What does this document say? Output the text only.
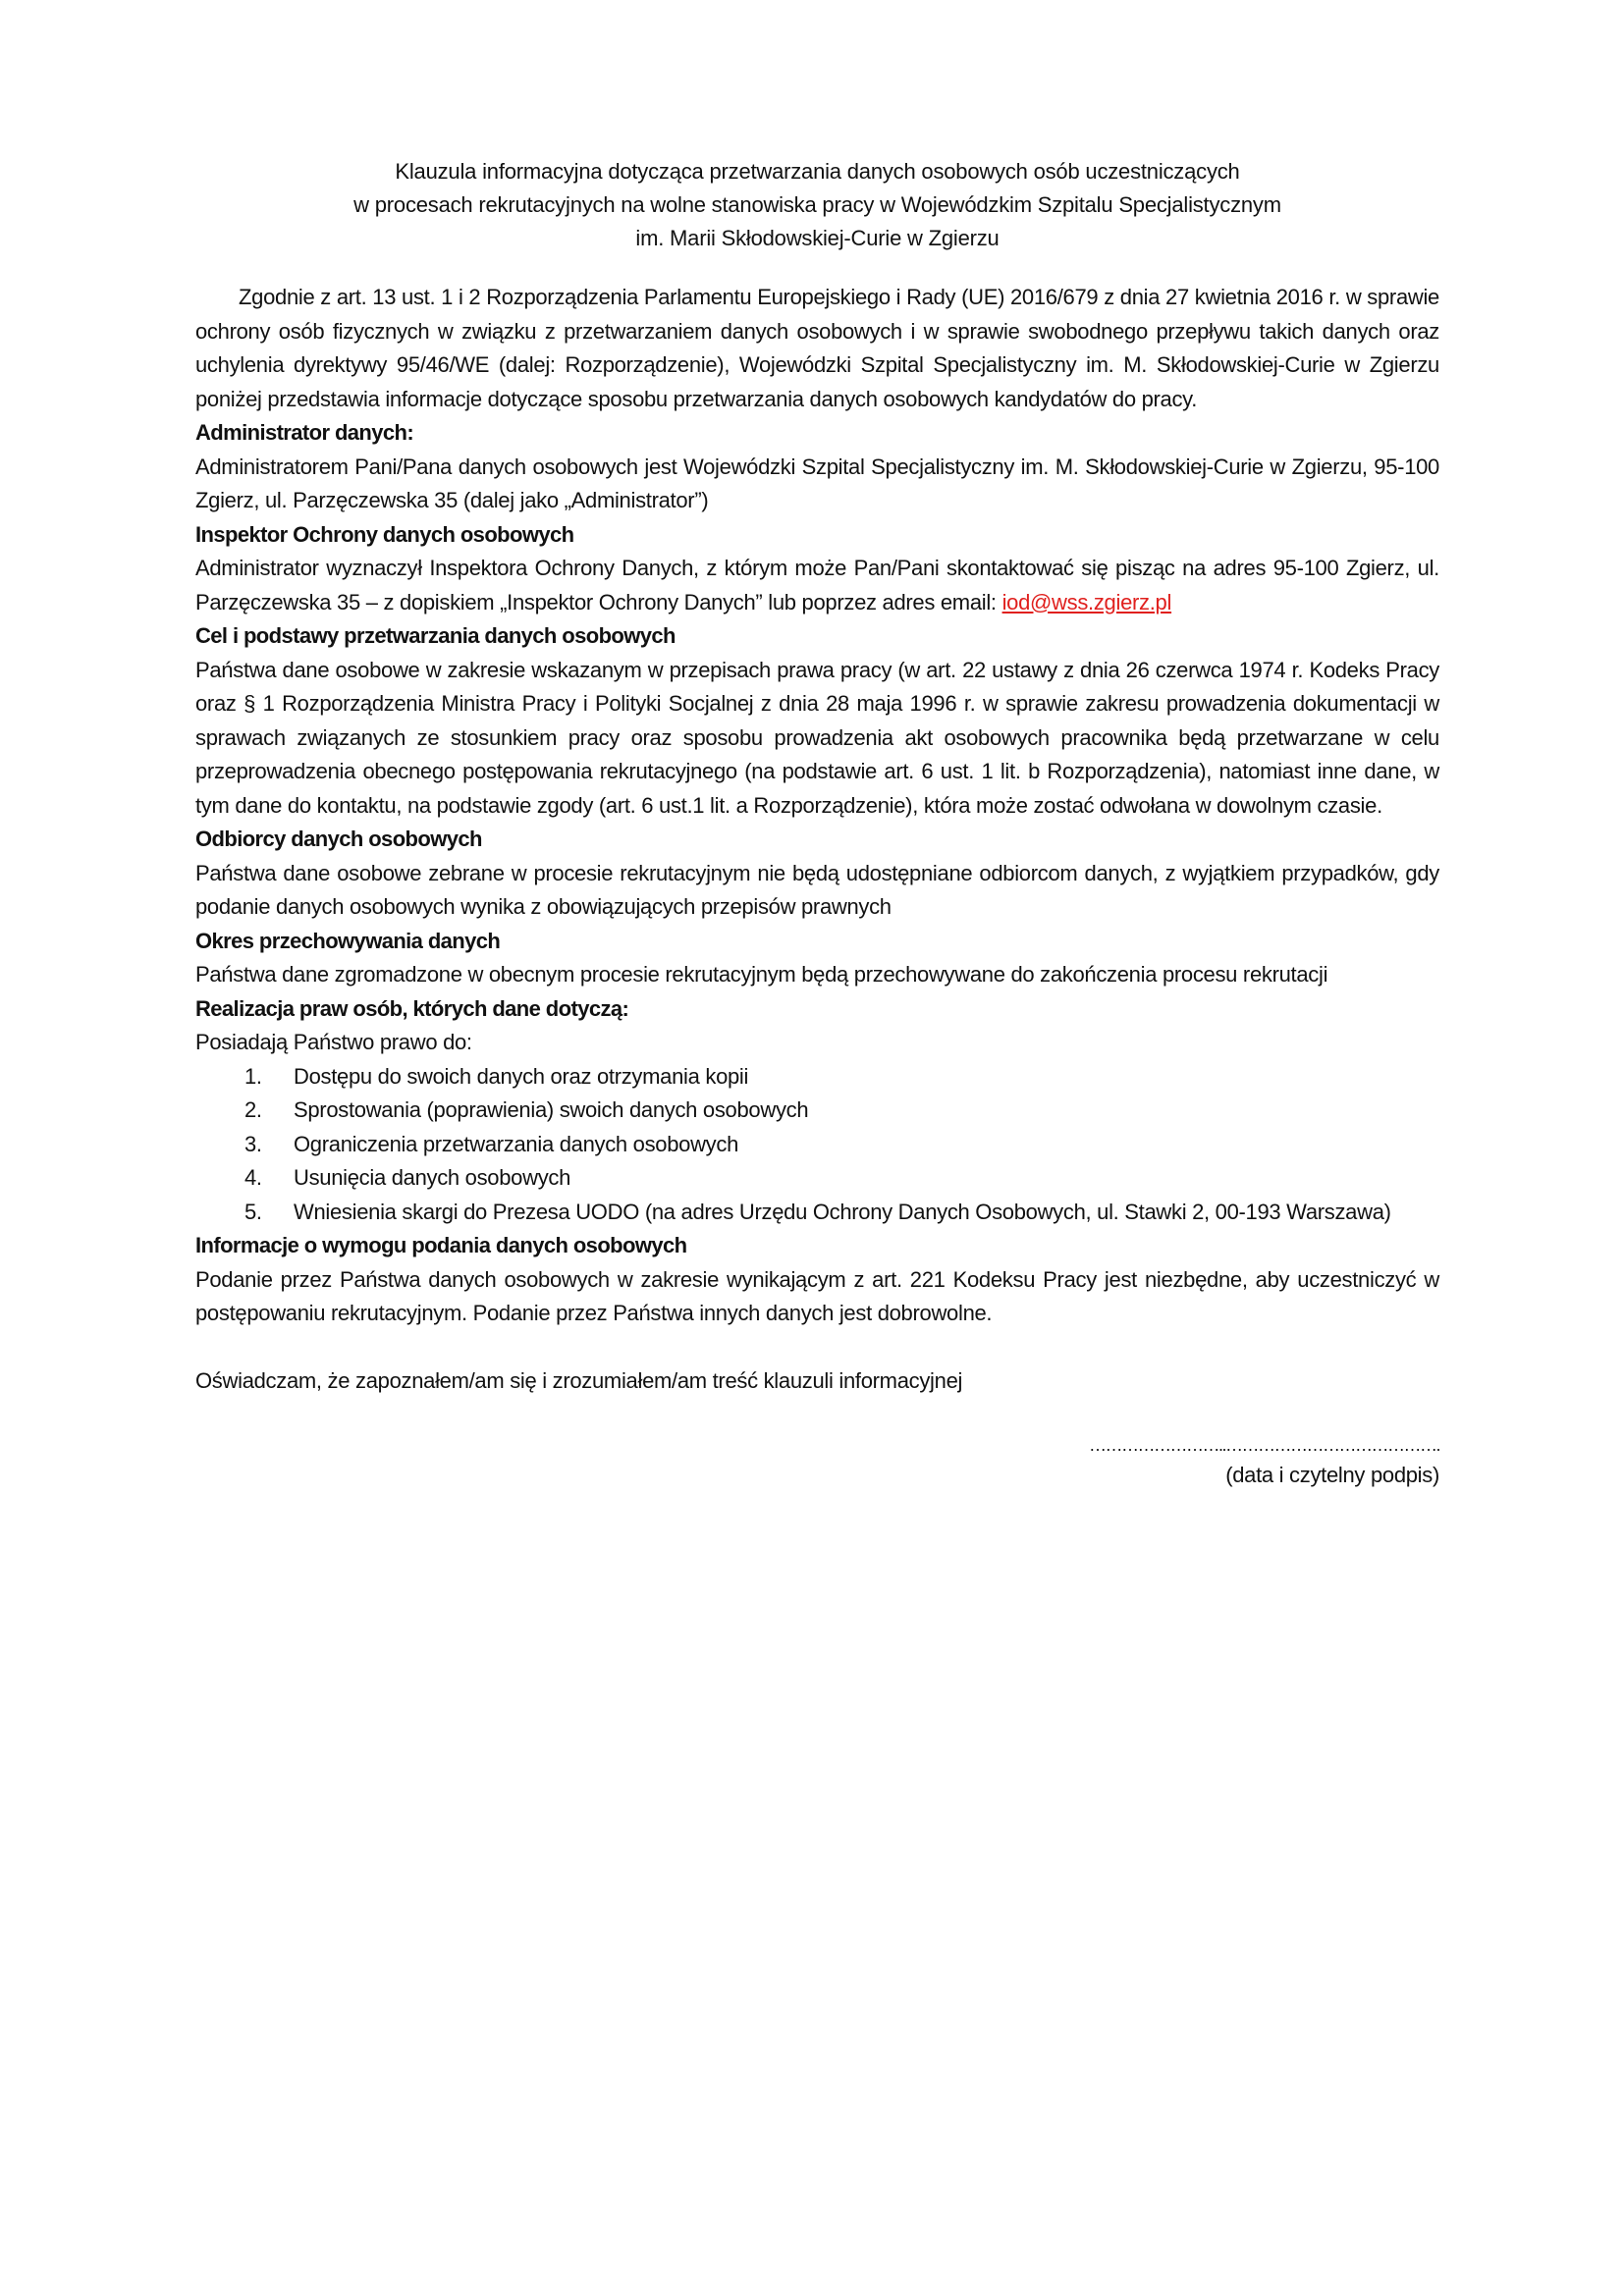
Klauzula informacyjna dotycząca przetwarzania danych osobowych osób uczestniczących
w procesach rekrutacyjnych na wolne stanowiska pracy w Wojewódzkim Szpitalu Specjalistycznym
im. Marii Skłodowskiej-Curie w Zgierzu

Zgodnie z art. 13 ust. 1 i 2 Rozporządzenia Parlamentu Europejskiego i Rady (UE) 2016/679 z dnia 27 kwietnia 2016 r. w sprawie ochrony osób fizycznych w związku z przetwarzaniem danych osobowych i w sprawie swobodnego przepływu takich danych oraz uchylenia dyrektywy 95/46/WE (dalej: Rozporządzenie), Wojewódzki Szpital Specjalistyczny im. M. Skłodowskiej-Curie w Zgierzu poniżej przedstawia informacje dotyczące sposobu przetwarzania danych osobowych kandydatów do pracy.

Administrator danych:

Administratorem Pani/Pana danych osobowych jest Wojewódzki Szpital Specjalistyczny im. M. Skłodowskiej-Curie w Zgierzu, 95-100 Zgierz, ul. Parzęczewska 35 (dalej jako „Administrator”)

Inspektor Ochrony danych osobowych

Administrator wyznaczył Inspektora Ochrony Danych, z którym może Pan/Pani skontaktować się pisząc na adres 95-100 Zgierz, ul. Parzęczewska 35 – z dopiskiem „Inspektor Ochrony Danych” lub poprzez adres email: iod@wss.zgierz.pl

Cel i podstawy przetwarzania danych osobowych

Państwa dane osobowe w zakresie wskazanym w przepisach prawa pracy (w art. 22 ustawy z dnia 26 czerwca 1974 r. Kodeks Pracy oraz § 1 Rozporządzenia Ministra Pracy i Polityki Socjalnej z dnia 28 maja 1996 r. w sprawie zakresu prowadzenia dokumentacji w sprawach związanych ze stosunkiem pracy oraz sposobu prowadzenia akt osobowych pracownika będą przetwarzane w celu przeprowadzenia obecnego postępowania rekrutacyjnego (na podstawie art. 6 ust. 1 lit. b Rozporządzenia), natomiast inne dane, w tym dane do kontaktu, na podstawie zgody (art. 6 ust.1 lit. a Rozporządzenie), która może zostać odwołana w dowolnym czasie.

Odbiorcy danych osobowych

Państwa dane osobowe zebrane w procesie rekrutacyjnym nie będą udostępniane odbiorcom danych, z wyjątkiem przypadków, gdy podanie danych osobowych wynika z obowiązujących przepisów prawnych

Okres przechowywania danych

Państwa dane zgromadzone w obecnym procesie rekrutacyjnym będą przechowywane do zakończenia procesu rekrutacji

Realizacja praw osób, których dane dotyczą:

Posiadają Państwo prawo do:

1. Dostępu do swoich danych oraz otrzymania kopii
2. Sprostowania (poprawienia) swoich danych osobowych
3. Ograniczenia przetwarzania danych osobowych
4. Usunięcia danych osobowych
5. Wniesienia skargi do Prezesa UODO (na adres Urzędu Ochrony Danych Osobowych, ul. Stawki 2, 00-193 Warszawa)

Informacje o wymogu podania danych osobowych

Podanie przez Państwa danych osobowych w zakresie wynikającym z art. 221 Kodeksu Pracy jest niezbędne, aby uczestniczyć w postępowaniu rekrutacyjnym. Podanie przez Państwa innych danych jest dobrowolne.

Oświadczam, że zapoznałem/am się i zrozumiałem/am treść klauzuli informacyjnej

……………………..………………………………….
(data i czytelny podpis)
